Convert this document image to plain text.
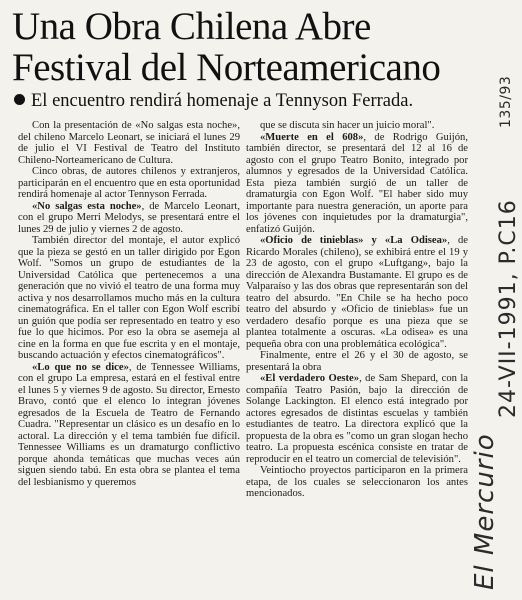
Una Obra Chilena Abre Festival del Norteamericano
El encuentro rendirá homenaje a Tennyson Ferrada.

Con la presentación de «No salgas esta noche», del chileno Marcelo Leonart, se iniciará el lunes 29 de julio el VI Festival de Teatro del Instituto Chileno-Norteamericano de Cultura.

Cinco obras, de autores chilenos y extranjeros, participarán en el encuentro que en esta oportunidad rendirá homenaje al actor Tennyson Ferrada.

«No salgas esta noche», de Marcelo Leonart, con el grupo Merri Melodys, se presentará entre el lunes 29 de julio y viernes 2 de agosto.

También director del montaje, el autor explicó que la pieza se gestó en un taller dirigido por Egon Wolf. "Somos un grupo de estudiantes de la Universidad Católica que pertenecemos a una generación que no vivió el teatro de una forma muy activa y nos desarrollamos mucho más en la cultura cinematográfica. En el taller con Egon Wolf escribí un guión que podía ser representado en teatro y eso fue lo que hicimos. Por eso la obra se asemeja al cine en la forma en que fue escrita y en el montaje, buscando actuación y efectos cinematográficos".

«Lo que no se dice», de Tennessee Williams, con el grupo La empresa, estará en el festival entre el lunes 5 y viernes 9 de agosto. Su director, Ernesto Bravo, contó que el elenco lo integran jóvenes egresados de la Escuela de Teatro de Fernando Cuadra. "Representar un clásico es un desafío en lo actoral. La dirección y el tema también fue difícil. Tennessee Williams es un dramaturgo conflictivo porque ahonda temáticas que muchas veces aún siguen siendo tabú. En esta obra se plantea el tema del lesbianismo y queremos

que se discuta sin hacer un juicio moral".

«Muerte en el 608», de Rodrigo Guijón, también director, se presentará del 12 al 16 de agosto con el grupo Teatro Bonito, integrado por alumnos y egresados de la Universidad Católica. Esta pieza también surgió de un taller de dramaturgia con Egon Wolf. "El haber sido muy importante para nuestra generación, un aporte para los jóvenes con inquietudes por la dramaturgia", enfatizó Guijón.

«Oficio de tinieblas» y «La Odisea», de Ricardo Morales (chileno), se exhibirá entre el 19 y 23 de agosto, con el grupo «Luftgang», bajo la dirección de Alexandra Bustamante. El grupo es de Valparaíso y las dos obras que representarán son del teatro del absurdo. "En Chile se ha hecho poco teatro del absurdo y «Oficio de tinieblas» fue un verdadero desafío porque es una pieza que se plantea totalmente a oscuras. «La odisea» es una pequeña obra con una problemática ecológica".

Finalmente, entre el 26 y el 30 de agosto, se presentará la obra

«El verdadero Oeste», de Sam Shepard, con la compañía Teatro Pasión, bajo la dirección de Solange Lackington. El elenco está integrado por actores egresados de distintas escuelas y también estudiantes de teatro. La directora explicó que la propuesta de la obra es "como un gran slogan hecho teatro. La propuesta escénica consiste en tratar de reproducir en el teatro un comercial de televisión".

Veintiocho proyectos participaron en la primera etapa, de los cuales se seleccionaron los antes mencionados.	El Mercurio
24-VII-1991, P.C16
135/93
